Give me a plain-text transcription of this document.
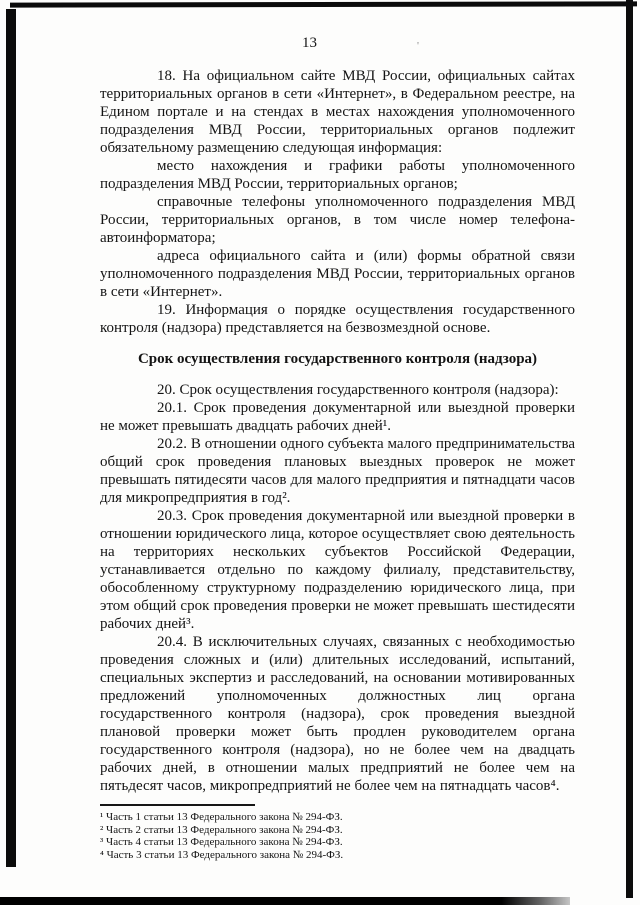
'
13

18. На официальном сайте МВД России, официальных сайтах территориальных органов в сети «Интернет», в Федеральном реестре, на Едином портале и на стендах в местах нахождения уполномоченного подразделения МВД России, территориальных органов подлежит обязательному размещению следующая информация:

место нахождения и графики работы уполномоченного подразделения МВД России, территориальных органов;

справочные телефоны уполномоченного подразделения МВД России, территориальных органов, в том числе номер телефона-автоинформатора;

адреса официального сайта и (или) формы обратной связи уполномоченного подразделения МВД России, территориальных органов в сети «Интернет».

19. Информация о порядке осуществления государственного контроля (надзора) представляется на безвозмездной основе.

Срок осуществления государственного контроля (надзора)

20. Срок осуществления государственного контроля (надзора):

20.1. Срок проведения документарной или выездной проверки не может превышать двадцать рабочих дней¹.

20.2. В отношении одного субъекта малого предпринимательства общий срок проведения плановых выездных проверок не может превышать пятидесяти часов для малого предприятия и пятнадцати часов для микропредприятия в год².

20.3. Срок проведения документарной или выездной проверки в отношении юридического лица, которое осуществляет свою деятельность на территориях нескольких субъектов Российской Федерации, устанавливается отдельно по каждому филиалу, представительству, обособленному структурному подразделению юридического лица, при этом общий срок проведения проверки не может превышать шестидесяти рабочих дней³.

20.4. В исключительных случаях, связанных с необходимостью проведения сложных и (или) длительных исследований, испытаний, специальных экспертиз и расследований, на основании мотивированных предложений уполномоченных должностных лиц органа государственного контроля (надзора), срок проведения выездной плановой проверки может быть продлен руководителем органа государственного контроля (надзора), но не более чем на двадцать рабочих дней, в отношении малых предприятий не более чем на пятьдесят часов, микропредприятий не более чем на пятнадцать часов⁴.

¹ Часть 1 статьи 13 Федерального закона № 294-ФЗ.

² Часть 2 статьи 13 Федерального закона № 294-ФЗ.

³ Часть 4 статьи 13 Федерального закона № 294-ФЗ.

⁴ Часть 3 статьи 13 Федерального закона № 294-ФЗ.
